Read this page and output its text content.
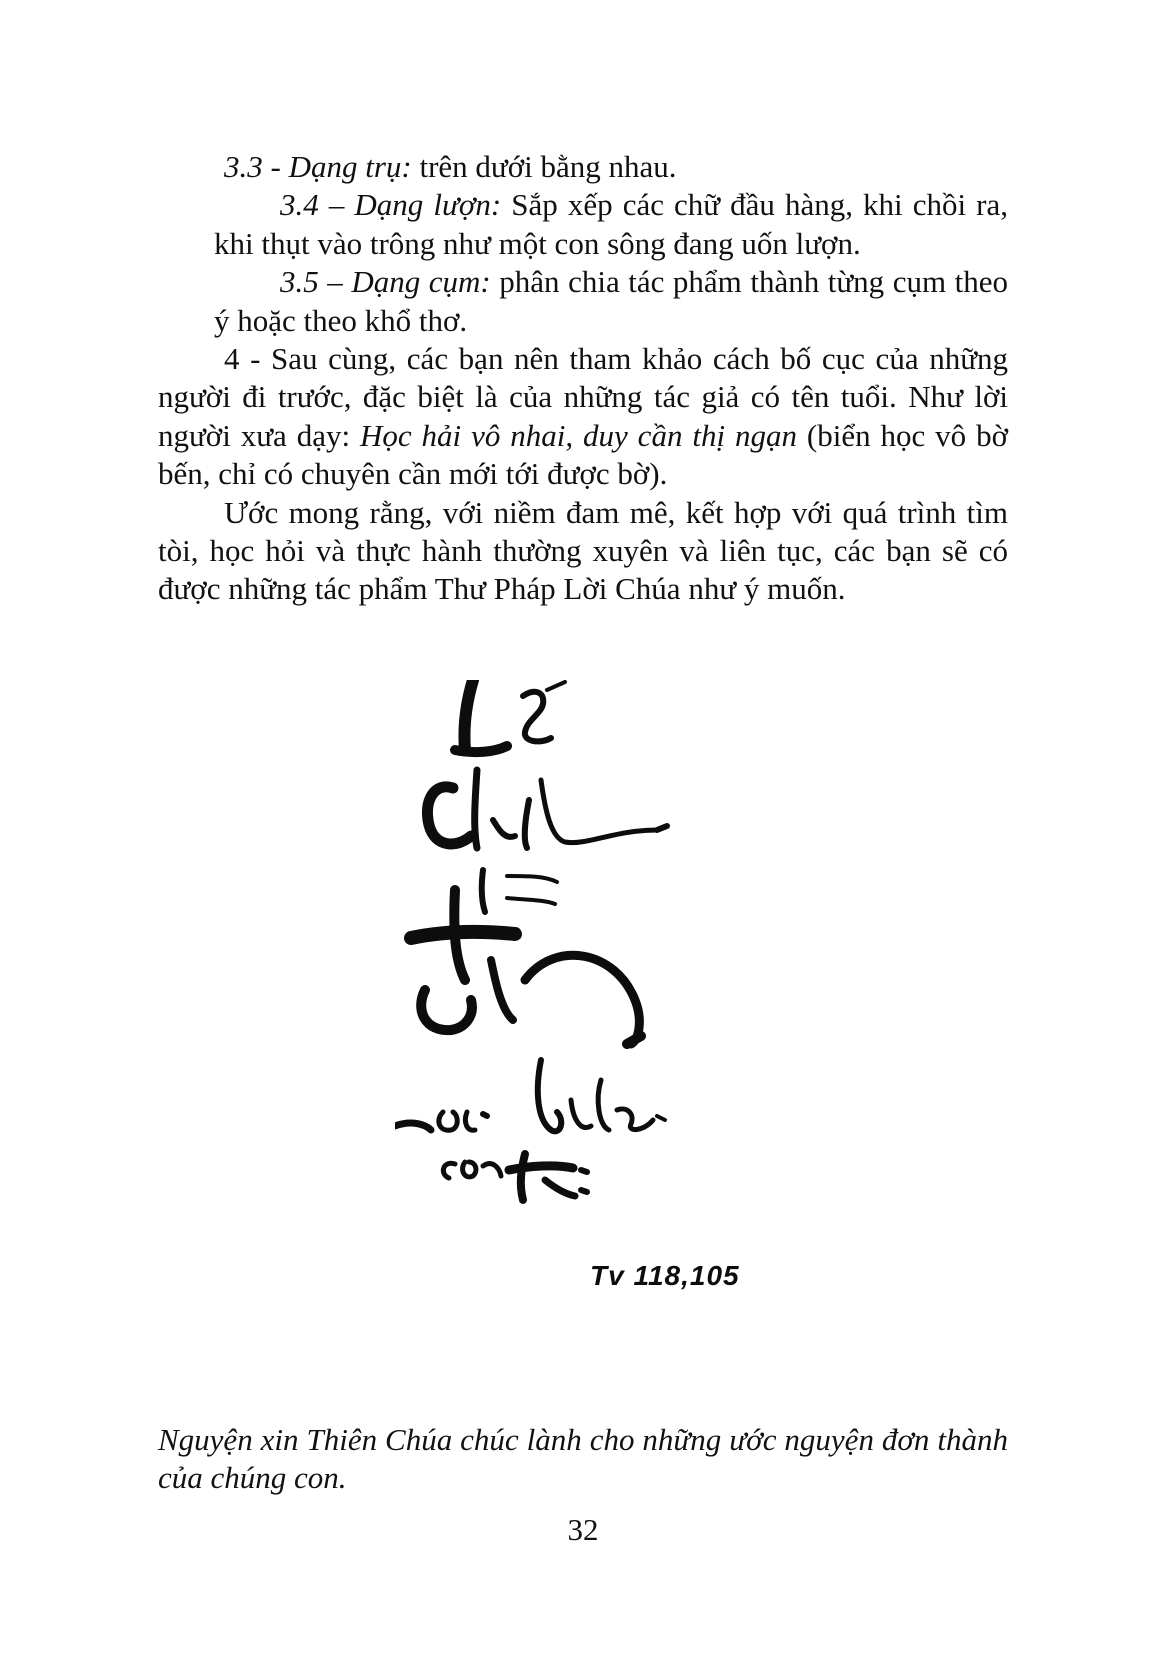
3.3 - Dạng trụ: trên dưới bằng nhau.

3.4 – Dạng lượn: Sắp xếp các chữ đầu hàng, khi chồi ra, khi thụt vào trông như một con sông đang uốn lượn.

3.5 – Dạng cụm: phân chia tác phẩm thành từng cụm theo ý hoặc theo khổ thơ.

4 - Sau cùng, các bạn nên tham khảo cách bố cục của những người đi trước, đặc biệt là của những tác giả có tên tuổi. Như lời người xưa dạy: Học hải vô nhai, duy cần thị ngạn (biển học vô bờ bến, chỉ có chuyên cần mới tới được bờ).

Ước mong rằng, với niềm đam mê, kết hợp với quá trình tìm tòi, học hỏi và thực hành thường xuyên và liên tục, các bạn sẽ có được những tác phẩm Thư Pháp Lời Chúa như ý muốn.

Tv 118,105

Nguyện xin Thiên Chúa chúc lành cho những ước nguyện đơn thành của chúng con.

32
